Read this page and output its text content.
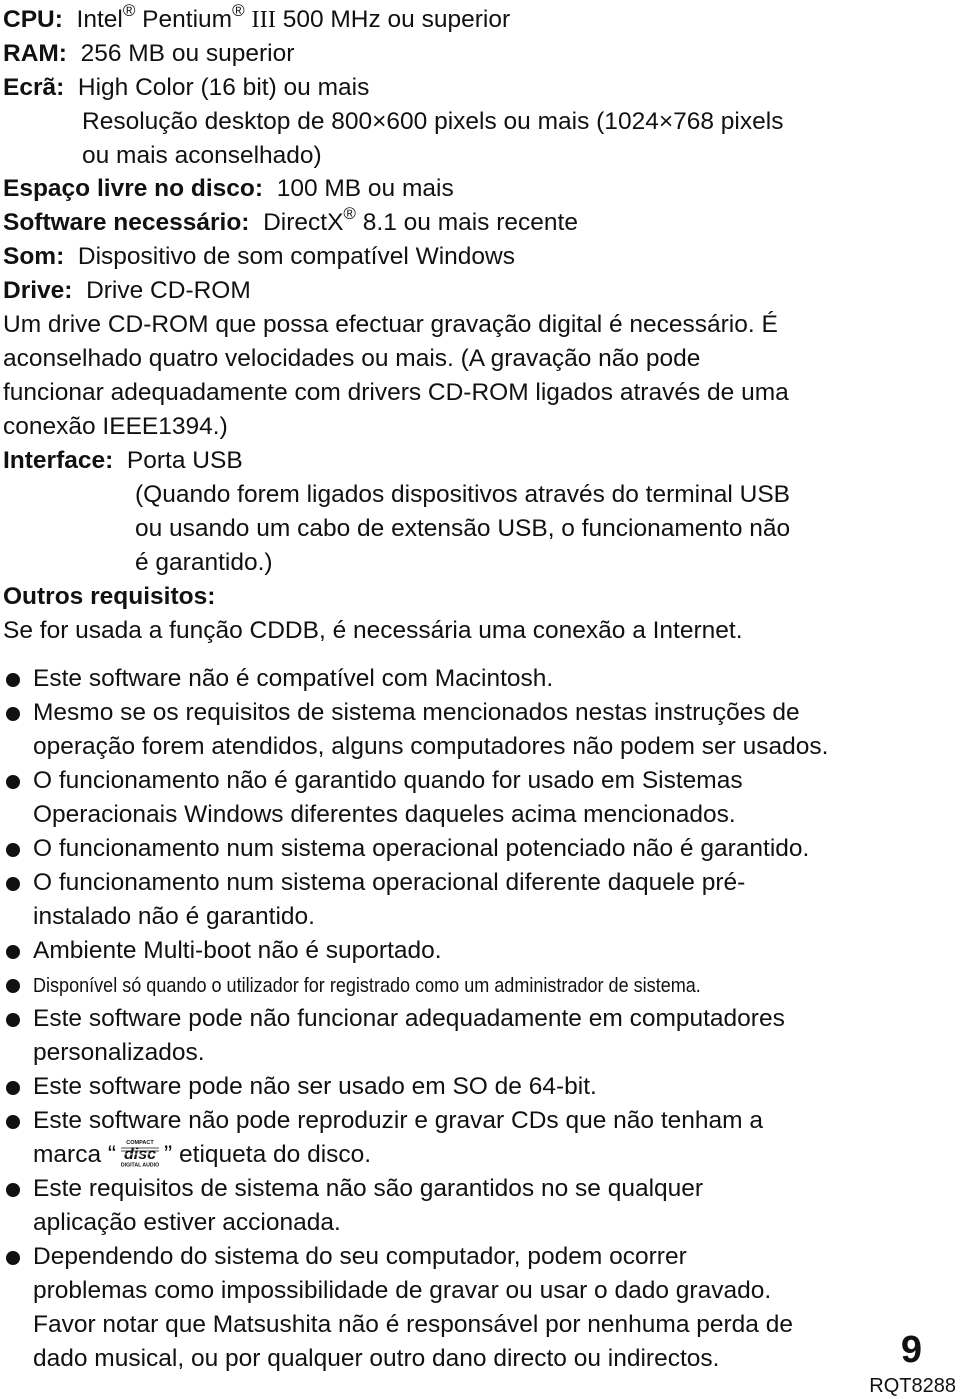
CPU: Intel® Pentium® III 500 MHz ou superior
RAM: 256 MB ou superior
Ecrã: High Color (16 bit) ou mais
Resolução desktop de 800×600 pixels ou mais (1024×768 pixels
ou mais aconselhado)
Espaço livre no disco: 100 MB ou mais
Software necessário: DirectX® 8.1 ou mais recente
Som: Dispositivo de som compatível Windows
Drive: Drive CD-ROM
Um drive CD-ROM que possa efectuar gravação digital é necessário. É
aconselhado quatro velocidades ou mais. (A gravação não pode
funcionar adequadamente com drivers CD-ROM ligados através de uma
conexão IEEE1394.)
Interface: Porta USB
(Quando forem ligados dispositivos através do terminal USB
ou usando um cabo de extensão USB, o funcionamento não
é garantido.)
Outros requisitos:
Se for usada a função CDDB, é necessária uma conexão a Internet.
Este software não é compatível com Macintosh.
Mesmo se os requisitos de sistema mencionados nestas instruções de
operação forem atendidos, alguns computadores não podem ser usados.
O funcionamento não é garantido quando for usado em Sistemas
Operacionais Windows diferentes daqueles acima mencionados.
O funcionamento num sistema operacional potenciado não é garantido.
O funcionamento num sistema operacional diferente daquele pré-
instalado não é garantido.
Ambiente Multi-boot não é suportado.
Disponível só quando o utilizador for registrado como um administrador de sistema.
Este software pode não funcionar adequadamente em computadores
personalizados.
Este software pode não ser usado em SO de 64-bit.
Este software não pode reproduzir e gravar CDs que não tenham a
marca “ COMPACT
disc
DIGITAL AUDIO ” etiqueta do disco.
Este requisitos de sistema não são garantidos no se qualquer
aplicação estiver accionada.
Dependendo do sistema do seu computador, podem ocorrer
problemas como impossibilidade de gravar ou usar o dado gravado.
Favor notar que Matsushita não é responsável por nenhuma perda de
dado musical, ou por qualquer outro dano directo ou indirectos.	9
RQT8288
